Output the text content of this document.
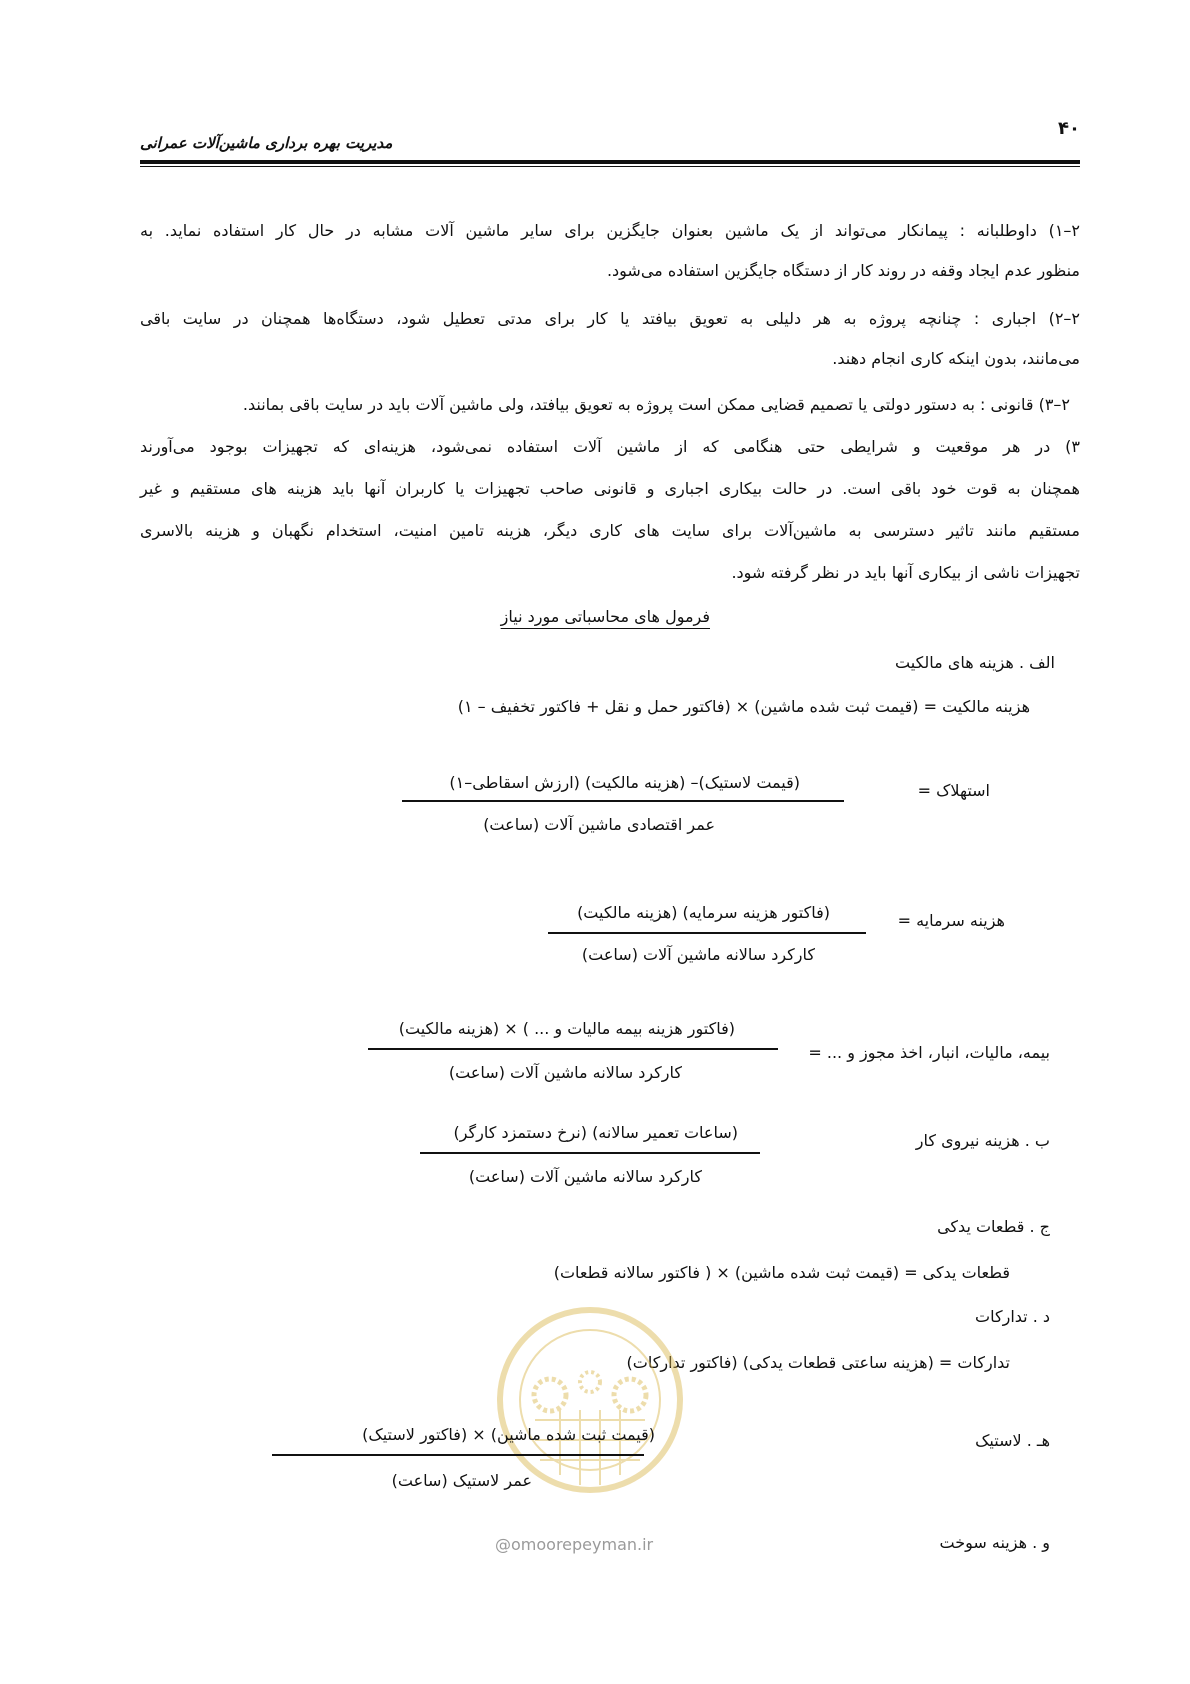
۴۰
مدیریت بهره برداری ماشین‌آلات عمرانی
۲–۱) داوطلبانه : پیمانکار می‌تواند از یک ماشین بعنوان جایگزین برای سایر ماشین آلات مشابه در حال کار استفاده نماید. به
منظور عدم ایجاد وقفه در روند کار از دستگاه جایگزین استفاده می‌شود.
۲–۲) اجباری : چنانچه پروژه به هر دلیلی به تعویق بیافتد یا کار برای مدتی تعطیل شود، دستگاه‌ها همچنان در سایت باقی
می‌مانند، بدون اینکه کاری انجام دهند.
۲–۳) قانونی : به دستور دولتی یا تصمیم قضایی ممکن است پروژه به تعویق بیافتد، ولی ماشین آلات باید در سایت باقی بمانند.
۳) در هر موقعیت و شرایطی حتی هنگامی که از ماشین آلات استفاده نمی‌شود، هزینه‌ای که تجهیزات بوجود می‌آورند
همچنان به قوت خود باقی است. در حالت بیکاری اجباری و قانونی صاحب تجهیزات یا کاربران آنها باید هزینه های مستقیم و غیر
مستقیم مانند تاثیر دسترسی به ماشین‌آلات برای سایت های کاری دیگر، هزینه تامین امنیت، استخدام نگهبان و هزینه بالاسری
تجهیزات ناشی از بیکاری آنها باید در نظر گرفته شود.
فرمول های محاسباتی مورد نیاز
الف . هزینه های مالکیت
هزینه مالکیت = (قیمت ثبت شده ماشین) × (فاکتور حمل و نقل + فاکتور تخفیف – ۱)
استهلاک =
(قیمت لاستیک)– (هزینه مالکیت) (ارزش اسقاطی–۱)
عمر اقتصادی ماشین آلات (ساعت)
هزینه سرمایه =
(فاکتور هزینه سرمایه) (هزینه مالکیت)
کارکرد سالانه ماشین آلات (ساعت)
بیمه، مالیات، انبار، اخذ مجوز و ... =
(فاکتور هزینه بیمه مالیات و ... ) × (هزینه مالکیت)
کارکرد سالانه ماشین آلات (ساعت)
ب . هزینه نیروی کار
(ساعات تعمیر سالانه) (نرخ دستمزد کارگر)
کارکرد سالانه ماشین آلات (ساعت)
ج . قطعات یدکی
قطعات یدکی = (قیمت ثبت شده ماشین) × ( فاکتور سالانه قطعات)
د . تدارکات
تدارکات = (هزینه ساعتی قطعات یدکی) (فاکتور تدارکات)
هـ . لاستیک
(قیمت ثبت شده ماشین) × (فاکتور لاستیک)
عمر لاستیک (ساعت)
و . هزینه سوخت
@omoorepeyman.ir
